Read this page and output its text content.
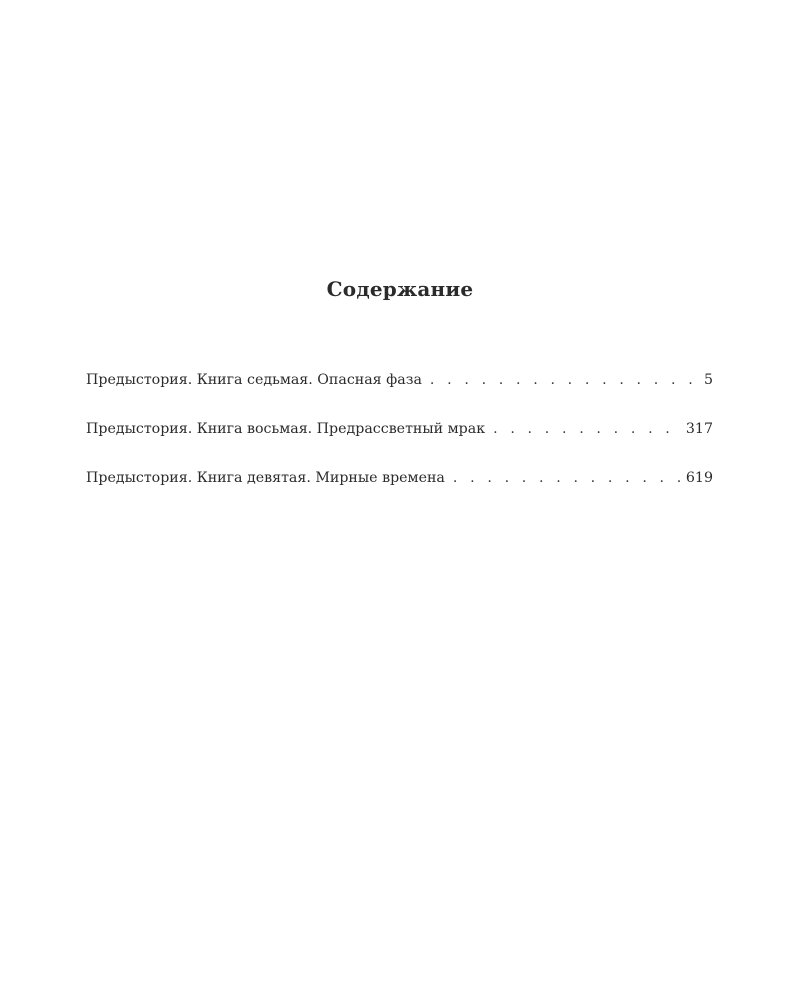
Содержание
Предыстория. Книга седьмая. Опасная фаза . . .	5
Предыстория. Книга восьмая. Предрассветный мрак . . .	317
Предыстория. Книга девятая. Мирные времена . . .	619
